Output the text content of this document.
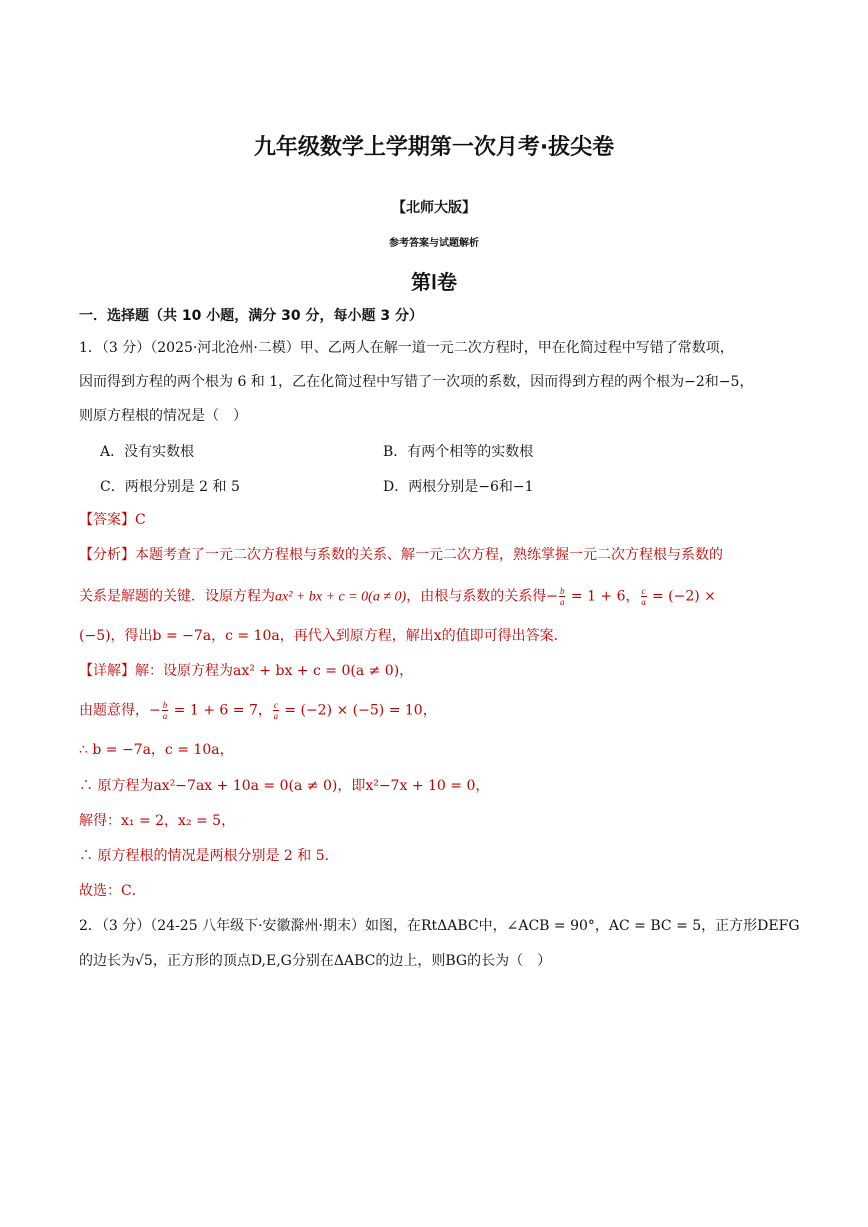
九年级数学上学期第一次月考·拔尖卷
【北师大版】
参考答案与试题解析
第Ⅰ卷
一．选择题（共 10 小题，满分 30 分，每小题 3 分）
1．（3 分）（2025·河北沧州·二模）甲、乙两人在解一道一元二次方程时，甲在化简过程中写错了常数项，
因而得到方程的两个根为 6 和 1，乙在化简过程中写错了一次项的系数，因而得到方程的两个根为−2和−5，
则原方程根的情况是（　）
A．没有实数根	B．有两个相等的实数根
C．两根分别是 2 和 5	D．两根分别是−6和−1
【答案】C
【分析】本题考查了一元二次方程根与系数的关系、解一元二次方程，熟练掌握一元二次方程根与系数的
关系是解题的关键．设原方程为ax² + bx + c = 0(a ≠ 0)，由根与系数的关系得− $\frac{b}{a} = 1 + 6$， $\frac{c}{a} = (-2)$ ×
(−5)，得出b = −7a，c = 10a，再代入到原方程，解出x的值即可得出答案．
【详解】解：设原方程为ax² + bx + c = 0(a ≠ 0)，
由题意得，− $\frac{b}{a} = 1 + 6 = 7$， $\frac{c}{a} = (-2) \times (-5) = 10$，
∴ b = −7a，c = 10a，
∴ 原方程为ax²−7ax + 10a = 0(a ≠ 0)，即x²−7x + 10 = 0，
解得：x₁ = 2，x₂ = 5，
∴ 原方程根的情况是两根分别是 2 和 5．
故选：C．
2．（3 分）（24-25 八年级下·安徽滁州·期末）如图，在RtΔABC中，∠ACB = 90°，AC = BC = 5，正方形DEFG
的边长为√5，正方形的顶点D,E,G分别在ΔABC的边上，则BG的长为（　）
